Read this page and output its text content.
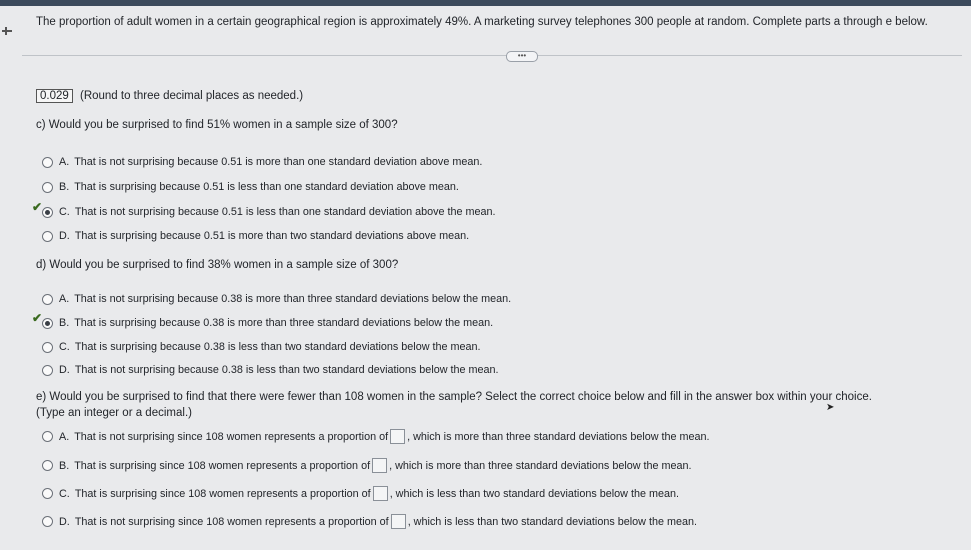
The proportion of adult women in a certain geographical region is approximately 49%. A marketing survey telephones 300 people at random. Complete parts a through e below.
•••
0.029 (Round to three decimal places as needed.)
c) Would you be surprised to find 51% women in a sample size of 300?
A. That is not surprising because 0.51 is more than one standard deviation above mean.
B. That is surprising because 0.51 is less than one standard deviation above mean.
✔ C. That is not surprising because 0.51 is less than one standard deviation above the mean.
D. That is surprising because 0.51 is more than two standard deviations above mean.
d) Would you be surprised to find 38% women in a sample size of 300?
A. That is not surprising because 0.38 is more than three standard deviations below the mean.
✔ B. That is surprising because 0.38 is more than three standard deviations below the mean.
C. That is surprising because 0.38 is less than two standard deviations below the mean.
D. That is not surprising because 0.38 is less than two standard deviations below the mean.
e) Would you be surprised to find that there were fewer than 108 women in the sample? Select the correct choice below and fill in the answer box within your choice.
(Type an integer or a decimal.)	➤
A. That is not surprising since 108 women represents a proportion of , which is more than three standard deviations below the mean.
B. That is surprising since 108 women represents a proportion of , which is more than three standard deviations below the mean.
C. That is surprising since 108 women represents a proportion of , which is less than two standard deviations below the mean.
D. That is not surprising since 108 women represents a proportion of , which is less than two standard deviations below the mean.
